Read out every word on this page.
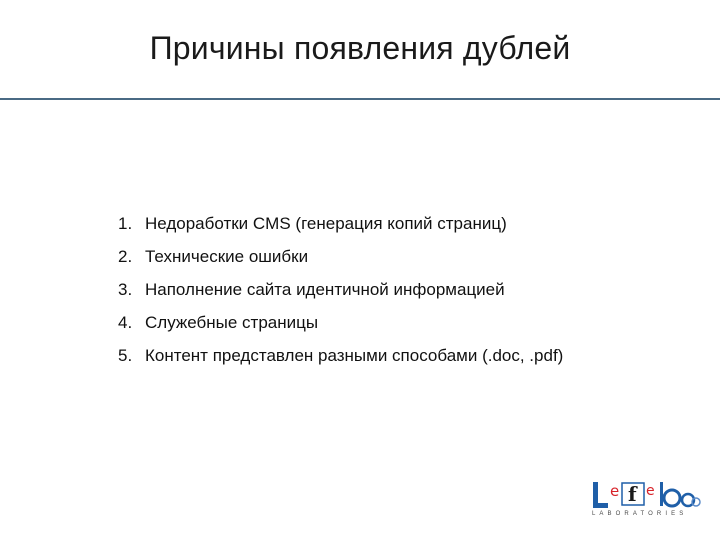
Причины появления дублей
1. Недоработки CMS (генерация копий страниц)
2. Технические ошибки
3. Наполнение сайта идентичной информацией
4. Служебные страницы
5. Контент представлен разными способами (.doc, .pdf)
e f e
LABORATORIES
